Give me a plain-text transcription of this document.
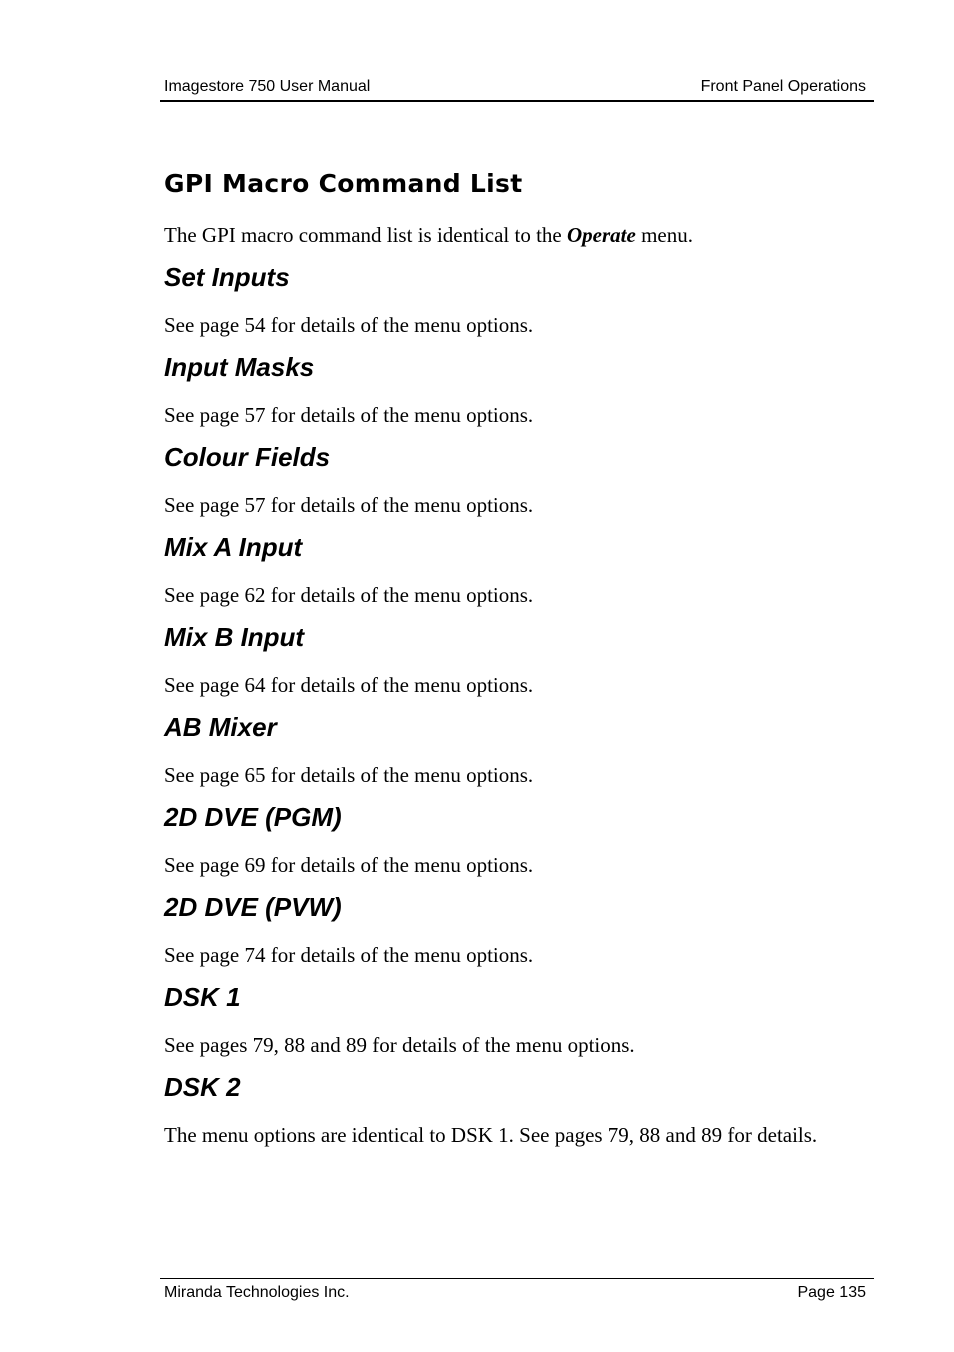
Imagestore 750 User Manual	Front Panel Operations
GPI Macro Command List

The GPI macro command list is identical to the Operate menu.

Set Inputs

See page 54 for details of the menu options.

Input Masks

See page 57 for details of the menu options.

Colour Fields

See page 57 for details of the menu options.

Mix A Input

See page 62 for details of the menu options.

Mix B Input

See page 64 for details of the menu options.

AB Mixer

See page 65 for details of the menu options.

2D DVE (PGM)

See page 69 for details of the menu options.

2D DVE (PVW)

See page 74 for details of the menu options.

DSK 1

See pages 79, 88 and 89 for details of the menu options.

DSK 2

The menu options are identical to DSK 1. See pages 79, 88 and 89 for details.

Miranda Technologies Inc.	Page 135
